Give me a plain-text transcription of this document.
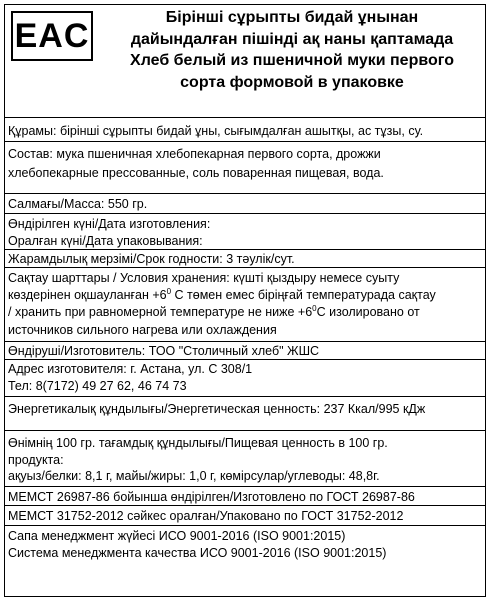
EAC	Бірінші сұрыпты бидай ұнынан
дайындалған пішінді ақ наны қаптамада
Хлеб белый из пшеничной муки первого
сорта формовой в упаковке
Құрамы: бірінші сұрыпты бидай ұны, сығымдалған ашытқы, ас тұзы, су.
Состав: мука пшеничная хлебопекарная первого сорта, дрожжи
хлебопекарные прессованные, соль поваренная пищевая, вода.
Салмағы/Масса: 550 гр.
Өндірілген күні/Дата изготовления:
Оралған күні/Дата упаковывания:
Жарамдылық мерзімі/Срок годности: 3 тәулік/сут.
Сақтау шарттары / Условия хранения: күшті қыздыру немесе суыту
көздерінен оқшауланған $+6^0$ С төмен емес біріңғай температурада сақтау
/ хранить при равномерной температуре не ниже $+6^0С$ изолировано от
источников сильного нагрева или охлаждения
Өндіруші/Изготовитель: ТОО "Столичный хлеб" ЖШС
Адрес изготовителя: г. Астана, ул. С 308/1
Тел: 8(7172) 49 27 62, 46 74 73
Энергетикалық құндылығы/Энергетическая ценность: 237 Ккал/995 кДж
Өнімнің 100 гр. тағамдық құндылығы/Пищевая ценность в 100 гр.
продукта:
ақуыз/белки: 8,1 г, майы/жиры: 1,0 г, көмірсулар/углеводы: 48,8г.
МЕМСТ 26987-86 бойынша өндірілген/Изготовлено по ГОСТ 26987-86
МЕМСТ 31752-2012 сәйкес оралған/Упаковано по ГОСТ 31752-2012
Сапа менеджмент жүйесі ИСО 9001-2016 (ISO 9001:2015)
Система менеджмента качества ИСО 9001-2016 (ISO 9001:2015)
